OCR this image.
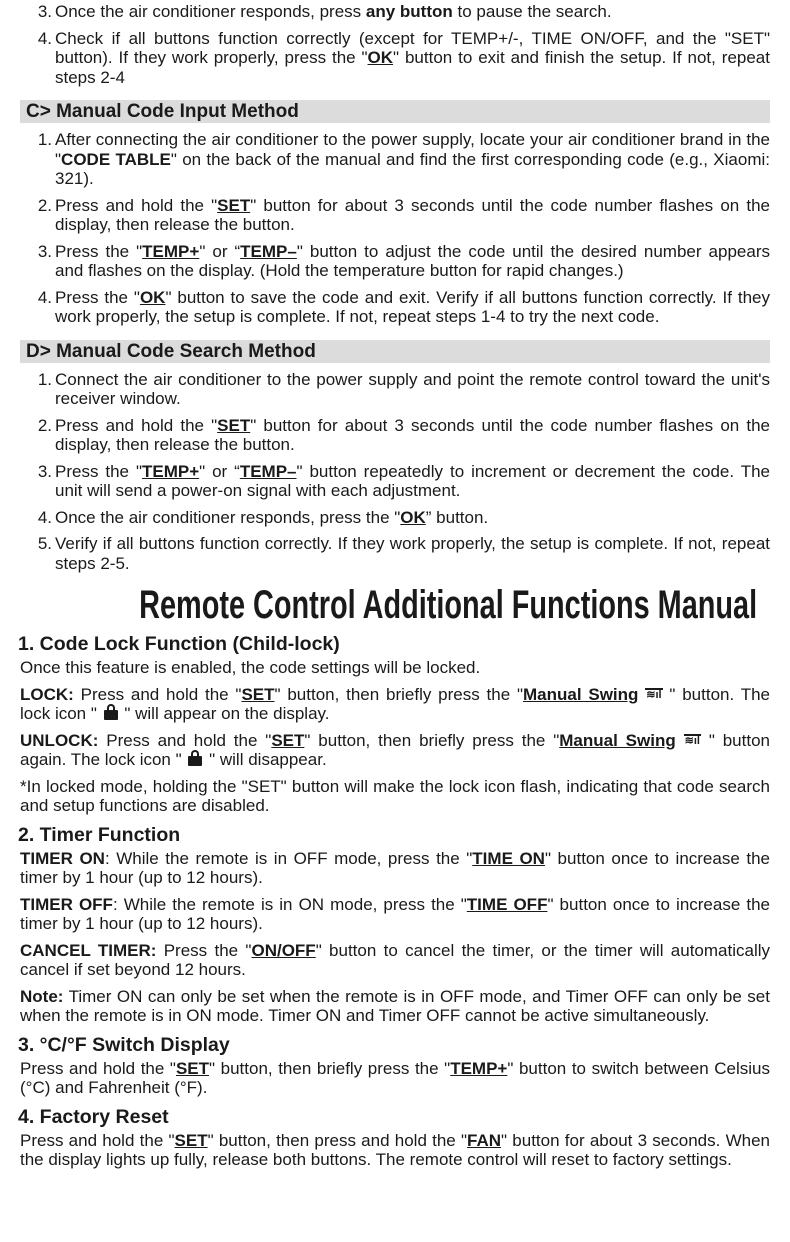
3. Once the air conditioner responds, press any button to pause the search.
4. Check if all buttons function correctly (except for TEMP+/-, TIME ON/OFF, and the "SET" button). If they work properly, press the "OK" button to exit and finish the setup. If not, repeat steps 2-4
C> Manual Code Input Method
1. After connecting the air conditioner to the power supply, locate your air conditioner brand in the "CODE TABLE" on the back of the manual and find the first corresponding code (e.g., Xiaomi: 321).
2. Press and hold the "SET" button for about 3 seconds until the code number flashes on the display, then release the button.
3. Press the "TEMP+" or “TEMP–" button to adjust the code until the desired number appears and flashes on the display. (Hold the temperature button for rapid changes.)
4. Press the "OK" button to save the code and exit. Verify if all buttons function correctly. If they work properly, the setup is complete. If not, repeat steps 1-4 to try the next code.
D> Manual Code Search Method
1. Connect the air conditioner to the power supply and point the remote control toward the unit's receiver window.
2. Press and hold the "SET" button for about 3 seconds until the code number flashes on the display, then release the button.
3. Press the "TEMP+" or “TEMP–" button repeatedly to increment or decrement the code. The unit will send a power-on signal with each adjustment.
4. Once the air conditioner responds, press the "OK” button.
5. Verify if all buttons function correctly. If they work properly, the setup is complete. If not, repeat steps 2-5.
Remote Control Additional Functions Manual
1. Code Lock Function (Child-lock)
Once this feature is enabled, the code settings will be locked.
LOCK: Press and hold the "SET" button, then briefly press the "Manual Swing ≋ıl " button. The lock icon " " will appear on the display.
UNLOCK: Press and hold the "SET" button, then briefly press the "Manual Swing ≋ıl " button again. The lock icon " " will disappear.
*In locked mode, holding the "SET" button will make the lock icon flash, indicating that code search and setup functions are disabled.
2. Timer Function
TIMER ON: While the remote is in OFF mode, press the "TIME ON" button once to increase the timer by 1 hour (up to 12 hours).
TIMER OFF: While the remote is in ON mode, press the "TIME OFF" button once to increase the timer by 1 hour (up to 12 hours).
CANCEL TIMER: Press the "ON/OFF" button to cancel the timer, or the timer will automatically cancel if set beyond 12 hours.
Note: Timer ON can only be set when the remote is in OFF mode, and Timer OFF can only be set when the remote is in ON mode. Timer ON and Timer OFF cannot be active simultaneously.
3. °C/°F Switch Display
Press and hold the "SET" button, then briefly press the "TEMP+" button to switch between Celsius (°C) and Fahrenheit (°F).
4. Factory Reset
Press and hold the "SET" button, then press and hold the "FAN" button for about 3 seconds. When the display lights up fully, release both buttons. The remote control will reset to factory settings.
